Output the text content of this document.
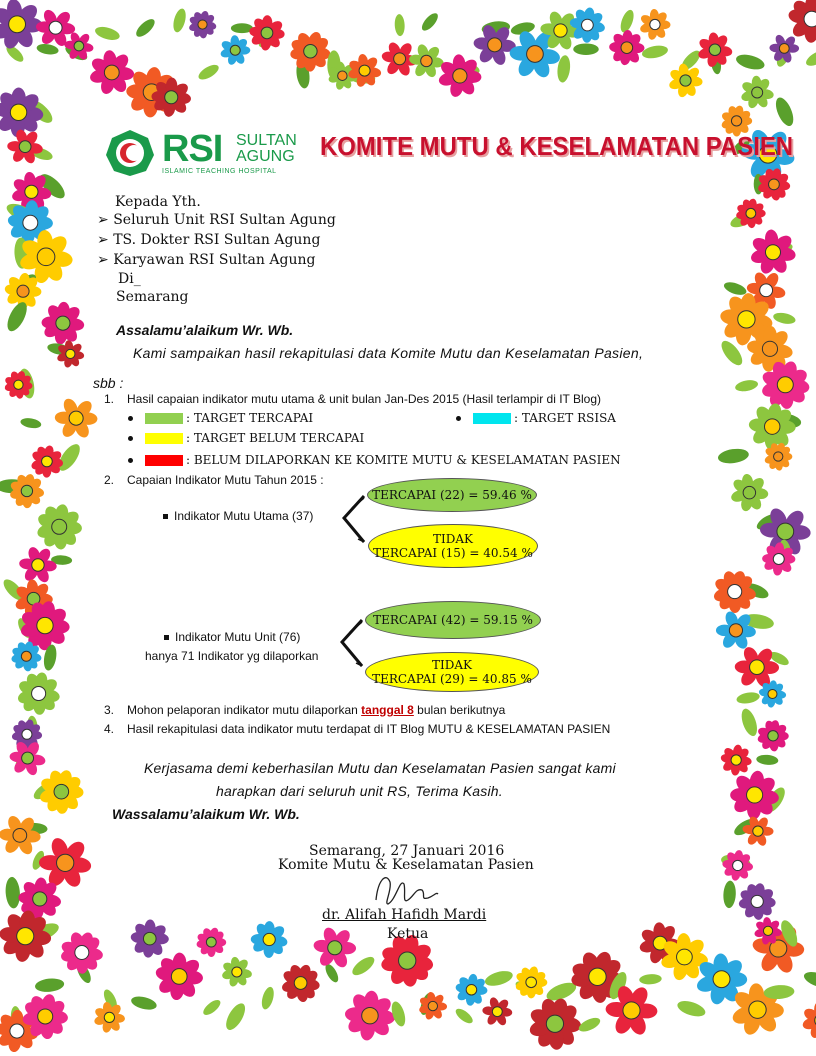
RSI SULTAN
AGUNG
ISLAMIC TEACHING HOSPITAL
KOMITE MUTU & KESELAMATAN PASIEN
Kepada Yth.
➢ Seluruh Unit RSI Sultan Agung
➢ TS. Dokter RSI Sultan Agung
➢ Karyawan RSI Sultan Agung
Di_
Semarang
Assalamu’alaikum Wr. Wb.
Kami sampaikan hasil rekapitulasi data Komite Mutu dan Keselamatan Pasien,
sbb :
1. Hasil capaian indikator mutu utama & unit bulan Jan-Des 2015 (Hasil terlampir di IT Blog)
: TARGET TERCAPAI	: TARGET RSISA
: TARGET BELUM TERCAPAI
: BELUM DILAPORKAN KE KOMITE MUTU & KESELAMATAN PASIEN
2. Capaian Indikator Mutu Tahun 2015 :
Indikator Mutu Utama (37)
TERCAPAI (22) = 59.46 %
TIDAK
TERCAPAI (15) = 40.54 %
Indikator Mutu Unit (76)
hanya 71 Indikator yg dilaporkan
TERCAPAI (42) = 59.15 %
TIDAK
TERCAPAI (29) = 40.85 %
3. Mohon pelaporan indikator mutu dilaporkan tanggal 8 bulan berikutnya
4. Hasil rekapitulasi data indikator mutu terdapat di IT Blog MUTU & KESELAMATAN PASIEN
Kerjasama demi keberhasilan Mutu dan Keselamatan Pasien sangat kami
harapkan dari seluruh unit RS, Terima Kasih.
Wassalamu’alaikum Wr. Wb.
Semarang, 27 Januari 2016
Komite Mutu & Keselamatan Pasien
dr. Alifah Hafidh Mardi
Ketua
